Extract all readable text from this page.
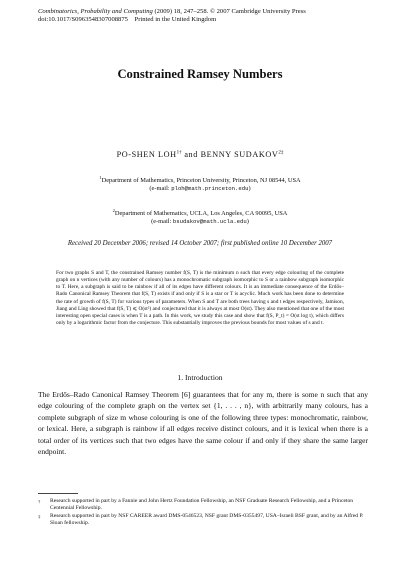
Combinatorics, Probability and Computing (2009) 18, 247–258. © 2007 Cambridge University Press
doi:10.1017/S0963548307008875 Printed in the United Kingdom
Constrained Ramsey Numbers
PO-SHEN $LOH^{1\dagger}$ and BENNY $SUDAKOV^{2\ddagger}$
$^1$Department of Mathematics, Princeton University, Princeton, NJ 08544, USA
(e-mail: ploh@math.princeton.edu)
$^2$Department of Mathematics, UCLA, Los Angeles, CA 90095, USA
(e-mail: bsudakov@math.ucla.edu)
Received 20 December 2006; revised 14 October 2007; first published online 10 December 2007
For two graphs S and T, the constrained Ramsey number f(S, T) is the minimum n such that every edge colouring of the complete graph on n vertices (with any number of colours) has a monochromatic subgraph isomorphic to S or a rainbow subgraph isomorphic to T. Here, a subgraph is said to be rainbow if all of its edges have different colours. It is an immediate consequence of the Erdős–Rado Canonical Ramsey Theorem that f(S, T) exists if and only if S is a star or T is acyclic. Much work has been done to determine the rate of growth of f(S, T) for various types of parameters. When S and T are both trees having s and t edges respectively, Jamison, Jiang and Ling showed that f(S, T) ⩽ O(st²) and conjectured that it is always at most O(st). They also mentioned that one of the most interesting open special cases is when T is a path. In this work, we study this case and show that f(S, P_t) = O(st log t), which differs only by a logarithmic factor from the conjecture. This substantially improves the previous bounds for most values of s and t.
1. Introduction
The Erdős–Rado Canonical Ramsey Theorem [6] guarantees that for any m, there is some n such that any edge colouring of the complete graph on the vertex set {1, . . . , n}, with arbitrarily many colours, has a complete subgraph of size m whose colouring is one of the following three types: monochromatic, rainbow, or lexical. Here, a subgraph is rainbow if all edges receive distinct colours, and it is lexical when there is a total order of its vertices such that two edges have the same colour if and only if they share the same larger endpoint.
† Research supported in part by a Fannie and John Hertz Foundation Fellowship, an NSF Graduate Research Fellowship, and a Princeton Centennial Fellowship.
‡ Research supported in part by NSF CAREER award DMS-0546523, NSF grant DMS-0355497, USA–Israeli BSF grant, and by an Alfred P. Sloan fellowship.
